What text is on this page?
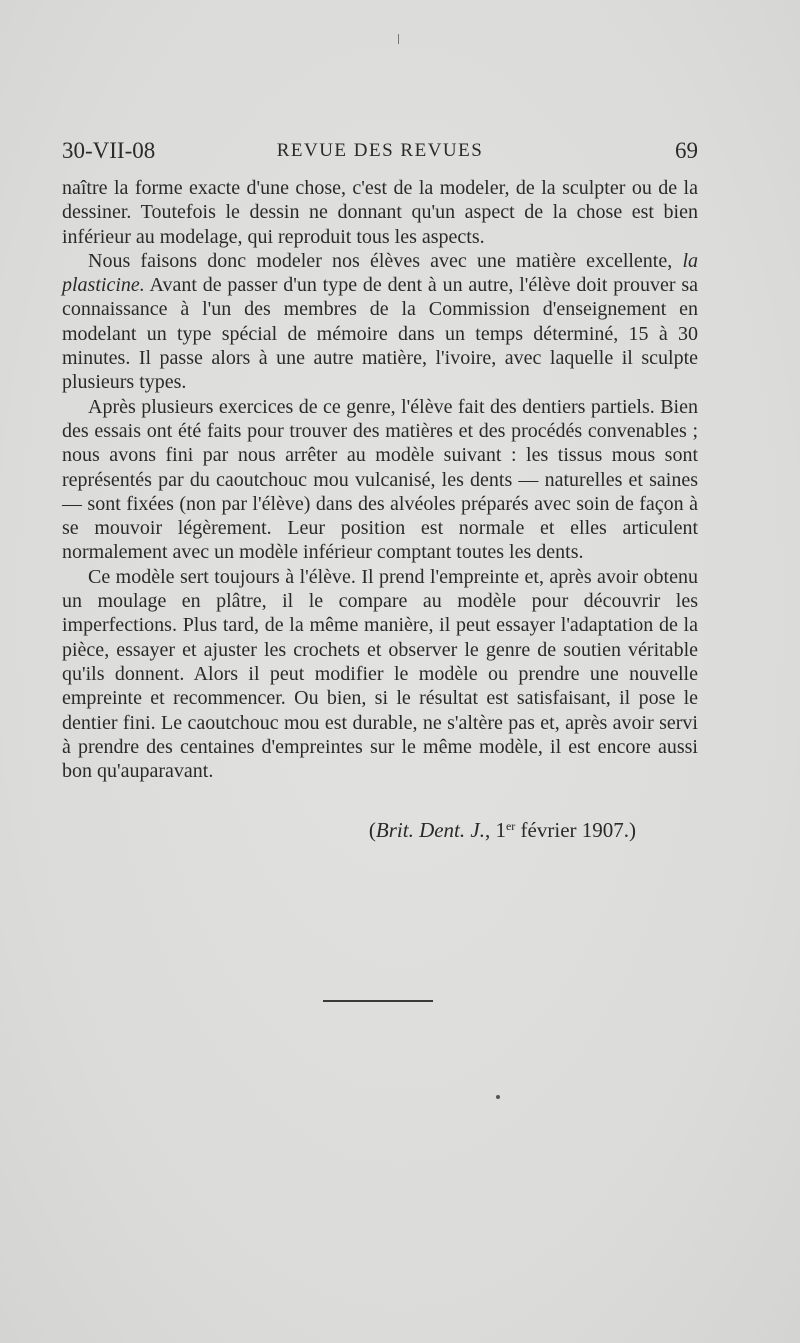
30-VII-08	REVUE DES REVUES	69

naître la forme exacte d'une chose, c'est de la modeler, de la sculpter ou de la dessiner. Toutefois le dessin ne donnant qu'un aspect de la chose est bien inférieur au modelage, qui reproduit tous les aspects.

Nous faisons donc modeler nos élèves avec une matière excellente, la plasticine. Avant de passer d'un type de dent à un autre, l'élève doit prouver sa connaissance à l'un des membres de la Commission d'enseignement en modelant un type spécial de mémoire dans un temps déterminé, 15 à 30 minutes. Il passe alors à une autre matière, l'ivoire, avec laquelle il sculpte plusieurs types.

Après plusieurs exercices de ce genre, l'élève fait des dentiers partiels. Bien des essais ont été faits pour trouver des matières et des procédés convenables ; nous avons fini par nous arrêter au modèle suivant : les tissus mous sont représentés par du caoutchouc mou vulcanisé, les dents — naturelles et saines — sont fixées (non par l'élève) dans des alvéoles préparés avec soin de façon à se mouvoir légèrement. Leur position est normale et elles articulent normalement avec un modèle inférieur comptant toutes les dents.

Ce modèle sert toujours à l'élève. Il prend l'empreinte et, après avoir obtenu un moulage en plâtre, il le compare au modèle pour découvrir les imperfections. Plus tard, de la même manière, il peut essayer l'adaptation de la pièce, essayer et ajuster les crochets et observer le genre de soutien véritable qu'ils donnent. Alors il peut modifier le modèle ou prendre une nouvelle empreinte et recommencer. Ou bien, si le résultat est satisfaisant, il pose le dentier fini. Le caoutchouc mou est durable, ne s'altère pas et, après avoir servi à prendre des centaines d'empreintes sur le même modèle, il est encore aussi bon qu'auparavant.

(Brit. Dent. J., 1er février 1907.)
